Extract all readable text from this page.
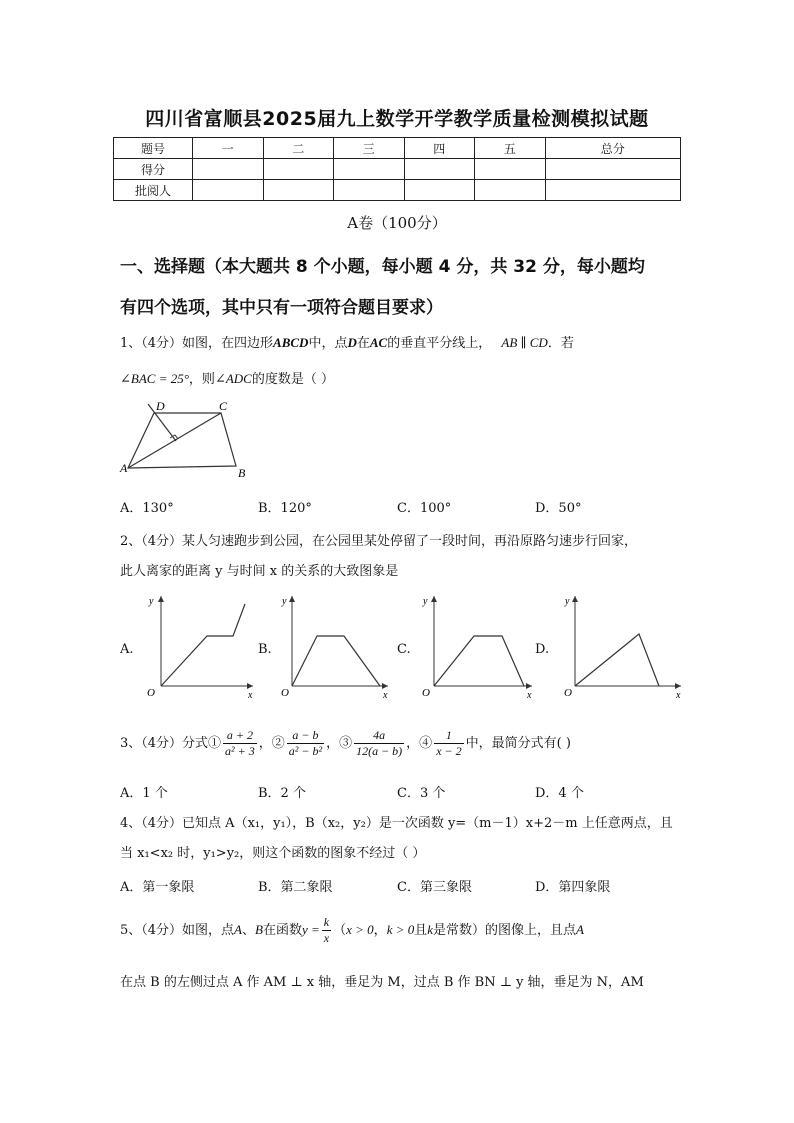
四川省富顺县2025届九上数学开学教学质量检测模拟试题
题号	一	二	三	四	五	总分
得分						
批阅人						
A卷（100分）
一、选择题（本大题共 8 个小题，每小题 4 分，共 32 分，每小题均
有四个选项，其中只有一项符合题目要求）
1、（4分）如图，在四边形ABCD中，点D在AC的垂直平分线上， AB ∥ CD．若
∠BAC = 25°，则∠ADC的度数是（ ）
A	B
C
D
A．130°	B．120°	C．100°	D．50°
2、（4分）某人匀速跑步到公园，在公园里某处停留了一段时间，再沿原路匀速步行回家，
此人离家的距离 y 与时间 x 的关系的大致图象是
A.	B.	C.	D.
y
x
O
y
x
O
y
x
O
y
x
O
3、（4分）分式① $\frac{a + 2}{\text{a² + 3}}$ ，② $\frac{a - b}{\text{a² − b²}}$ ，③ $\frac{4a}{12(a - b)}$ ，④ $\frac{1}{x - 2}$ 中，最简分式有( )
A．1 个	B．2 个	C．3 个	D．4 个
4、（4分）已知点 A（x₁，y₁），B（x₂，y₂）是一次函数 y=（m－1）x+2－m 上任意两点，且
当 x₁<x₂ 时，y₁>y₂，则这个函数的图象不经过（ ）
A．第一象限	B．第二象限	C．第三象限	D．第四象限
5、（4分）如图，点A、B在函数$y = \frac{k}{x} (x > 0$，k > 0且k是常数）的图像上，且点A
在点 B 的左侧过点 A 作 AM ⊥ x 轴，垂足为 M，过点 B 作 BN ⊥ y 轴，垂足为 N，AM
